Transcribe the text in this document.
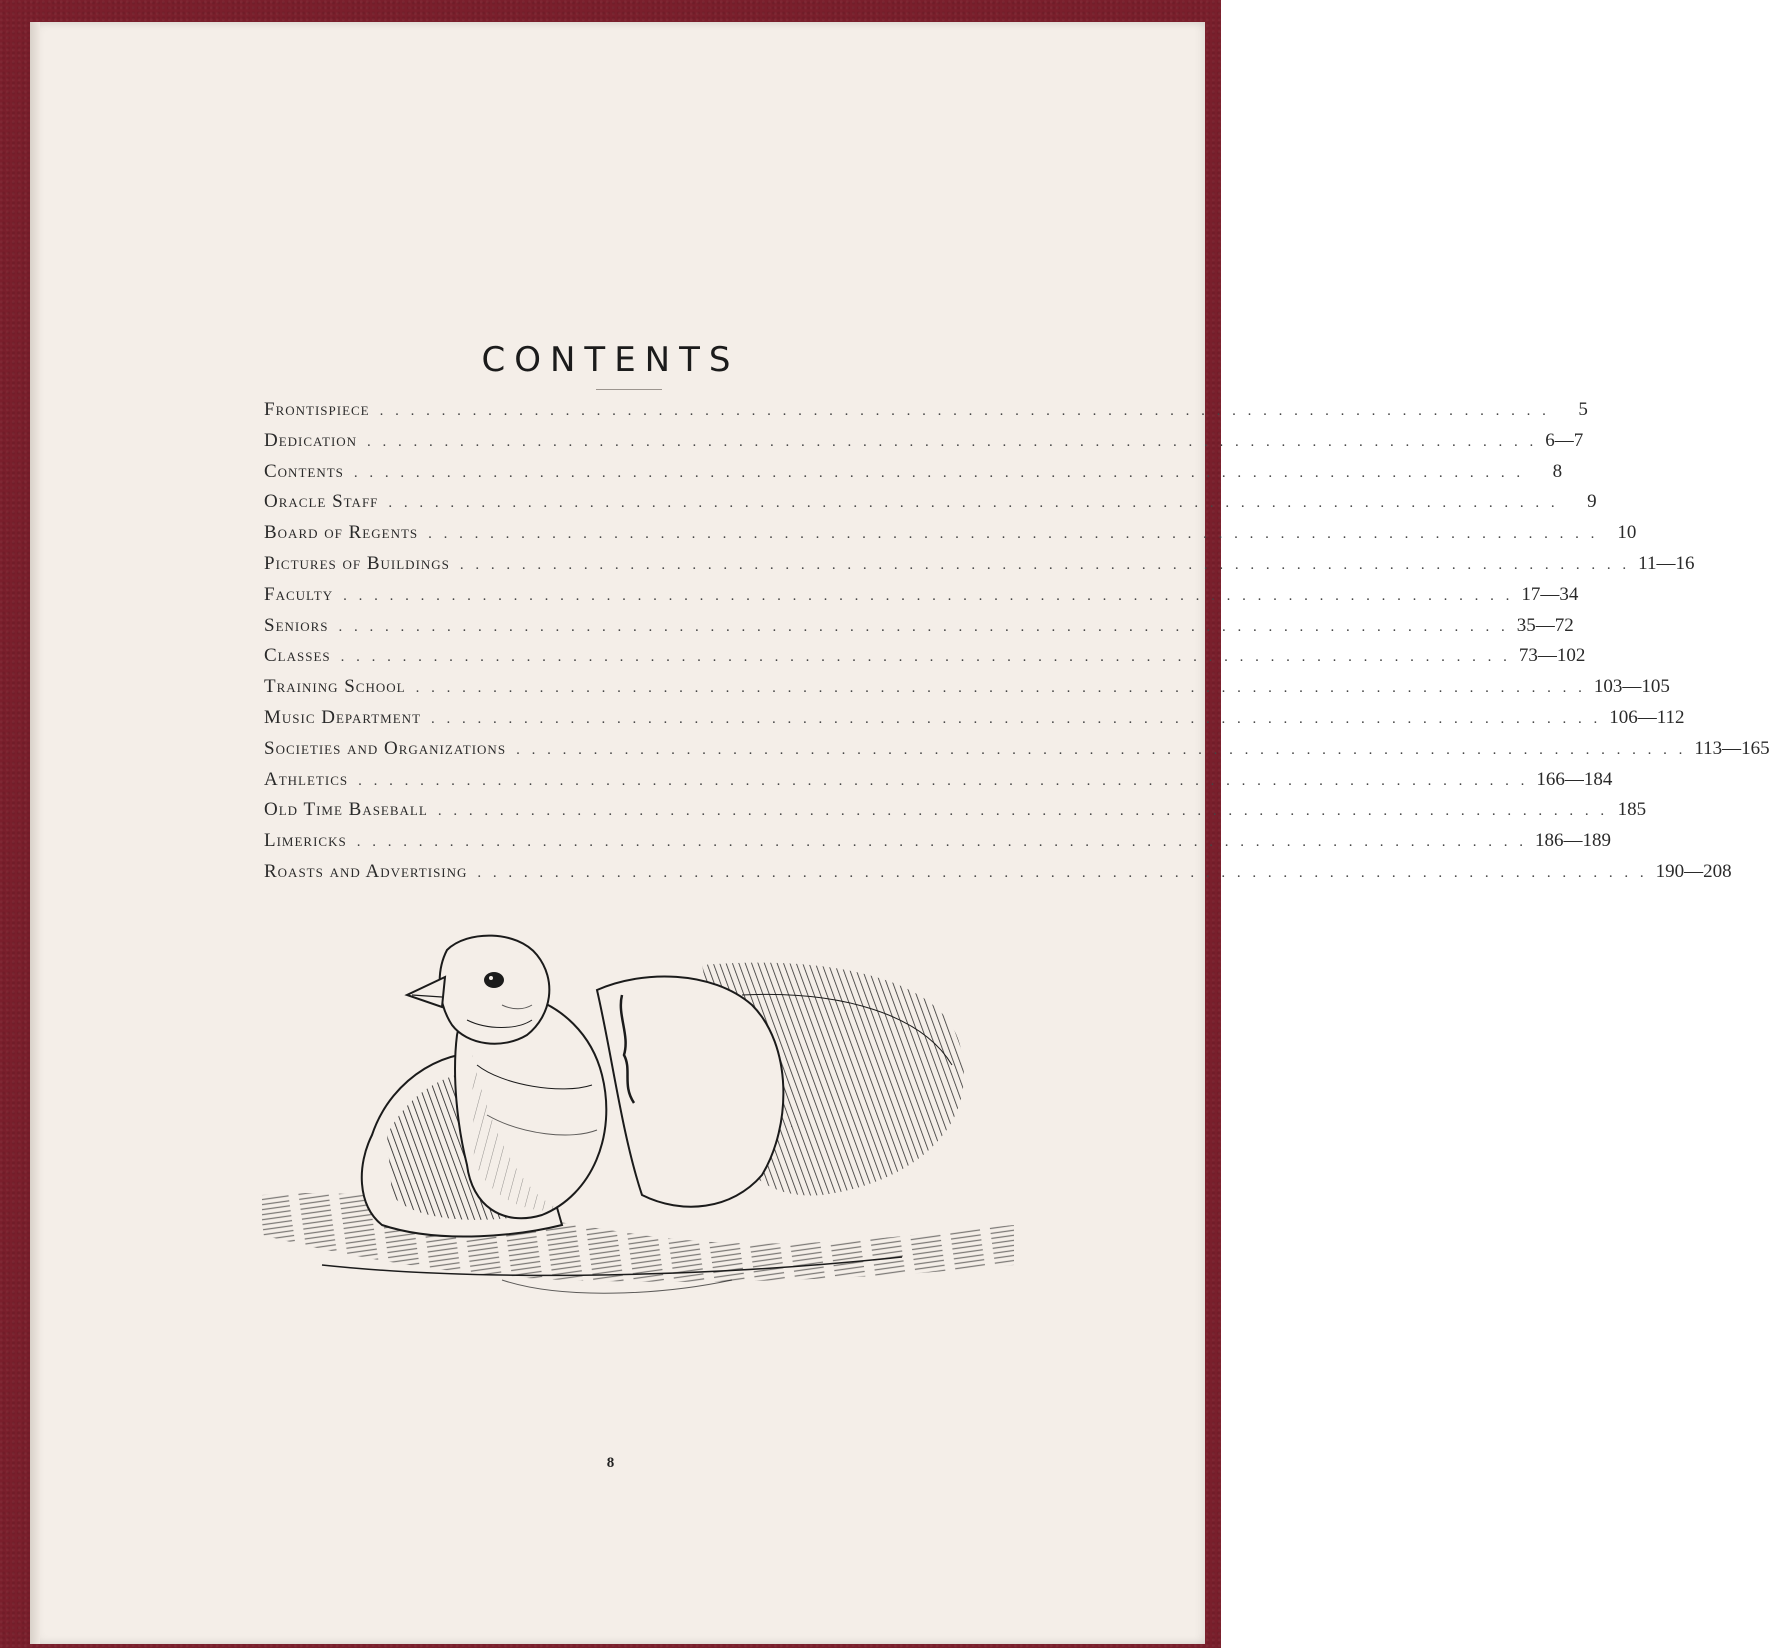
CONTENTS
Frontispiece . . . . . . . . . . . . . . . . . . . . . . . . . . . . . . . . . . . . . . . . . . . . . . . . . . . . . . . . . . . . . . . . . . . . . . . . . . . .	5
Dedication . . . . . . . . . . . . . . . . . . . . . . . . . . . . . . . . . . . . . . . . . . . . . . . . . . . . . . . . . . . . . . . . . . . . . . . . . . . . 6—7
Contents . . . . . . . . . . . . . . . . . . . . . . . . . . . . . . . . . . . . . . . . . . . . . . . . . . . . . . . . . . . . . . . . . . . . . . . . . . . .	8
Oracle Staff . . . . . . . . . . . . . . . . . . . . . . . . . . . . . . . . . . . . . . . . . . . . . . . . . . . . . . . . . . . . . . . . . . . . . . . . . . . .	9
Board of Regents . . . . . . . . . . . . . . . . . . . . . . . . . . . . . . . . . . . . . . . . . . . . . . . . . . . . . . . . . . . . . . . . . . . . . . . . . . . .	10
Pictures of Buildings . . . . . . . . . . . . . . . . . . . . . . . . . . . . . . . . . . . . . . . . . . . . . . . . . . . . . . . . . . . . . . . . . . . . . . . . . . . . 11—16
Faculty . . . . . . . . . . . . . . . . . . . . . . . . . . . . . . . . . . . . . . . . . . . . . . . . . . . . . . . . . . . . . . . . . . . . . . . . . . . . 17—34
Seniors . . . . . . . . . . . . . . . . . . . . . . . . . . . . . . . . . . . . . . . . . . . . . . . . . . . . . . . . . . . . . . . . . . . . . . . . . . . . 35—72
Classes . . . . . . . . . . . . . . . . . . . . . . . . . . . . . . . . . . . . . . . . . . . . . . . . . . . . . . . . . . . . . . . . . . . . . . . . . . . . 73—102
Training School . . . . . . . . . . . . . . . . . . . . . . . . . . . . . . . . . . . . . . . . . . . . . . . . . . . . . . . . . . . . . . . . . . . . . . . . . . . . 103—105
Music Department . . . . . . . . . . . . . . . . . . . . . . . . . . . . . . . . . . . . . . . . . . . . . . . . . . . . . . . . . . . . . . . . . . . . . . . . . . . . 106—112
Societies and Organizations . . . . . . . . . . . . . . . . . . . . . . . . . . . . . . . . . . . . . . . . . . . . . . . . . . . . . . . . . . . . . . . . . . . . . . . . . . . . 113—165
Athletics . . . . . . . . . . . . . . . . . . . . . . . . . . . . . . . . . . . . . . . . . . . . . . . . . . . . . . . . . . . . . . . . . . . . . . . . . . . . 166—184
Old Time Baseball . . . . . . . . . . . . . . . . . . . . . . . . . . . . . . . . . . . . . . . . . . . . . . . . . . . . . . . . . . . . . . . . . . . . . . . . . . . . 185
Limericks . . . . . . . . . . . . . . . . . . . . . . . . . . . . . . . . . . . . . . . . . . . . . . . . . . . . . . . . . . . . . . . . . . . . . . . . . . . . 186—189
Roasts and Advertising . . . . . . . . . . . . . . . . . . . . . . . . . . . . . . . . . . . . . . . . . . . . . . . . . . . . . . . . . . . . . . . . . . . . . . . . . . . . 190—208
8
